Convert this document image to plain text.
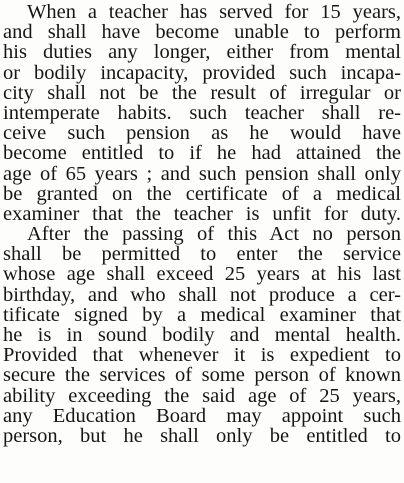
When a teacher has served for 15 years,
and shall have become unable to perform
his duties any longer, either from mental
or bodily incapacity, provided such incapa-
city shall not be the result of irregular or
intemperate habits. such teacher shall re-
ceive such pension as he would have
become entitled to if he had attained the
age of 65 years ; and such pension shall only
be granted on the certificate of a medical
examiner that the teacher is unfit for duty.
After the passing of this Act no person
shall be permitted to enter the service
whose age shall exceed 25 years at his last
birthday, and who shall not produce a cer-
tificate signed by a medical examiner that
he is in sound bodily and mental health.
Provided that whenever it is expedient to
secure the services of some person of known
ability exceeding the said age of 25 years,
any Education Board may appoint such
person, but he shall only be entitled to
